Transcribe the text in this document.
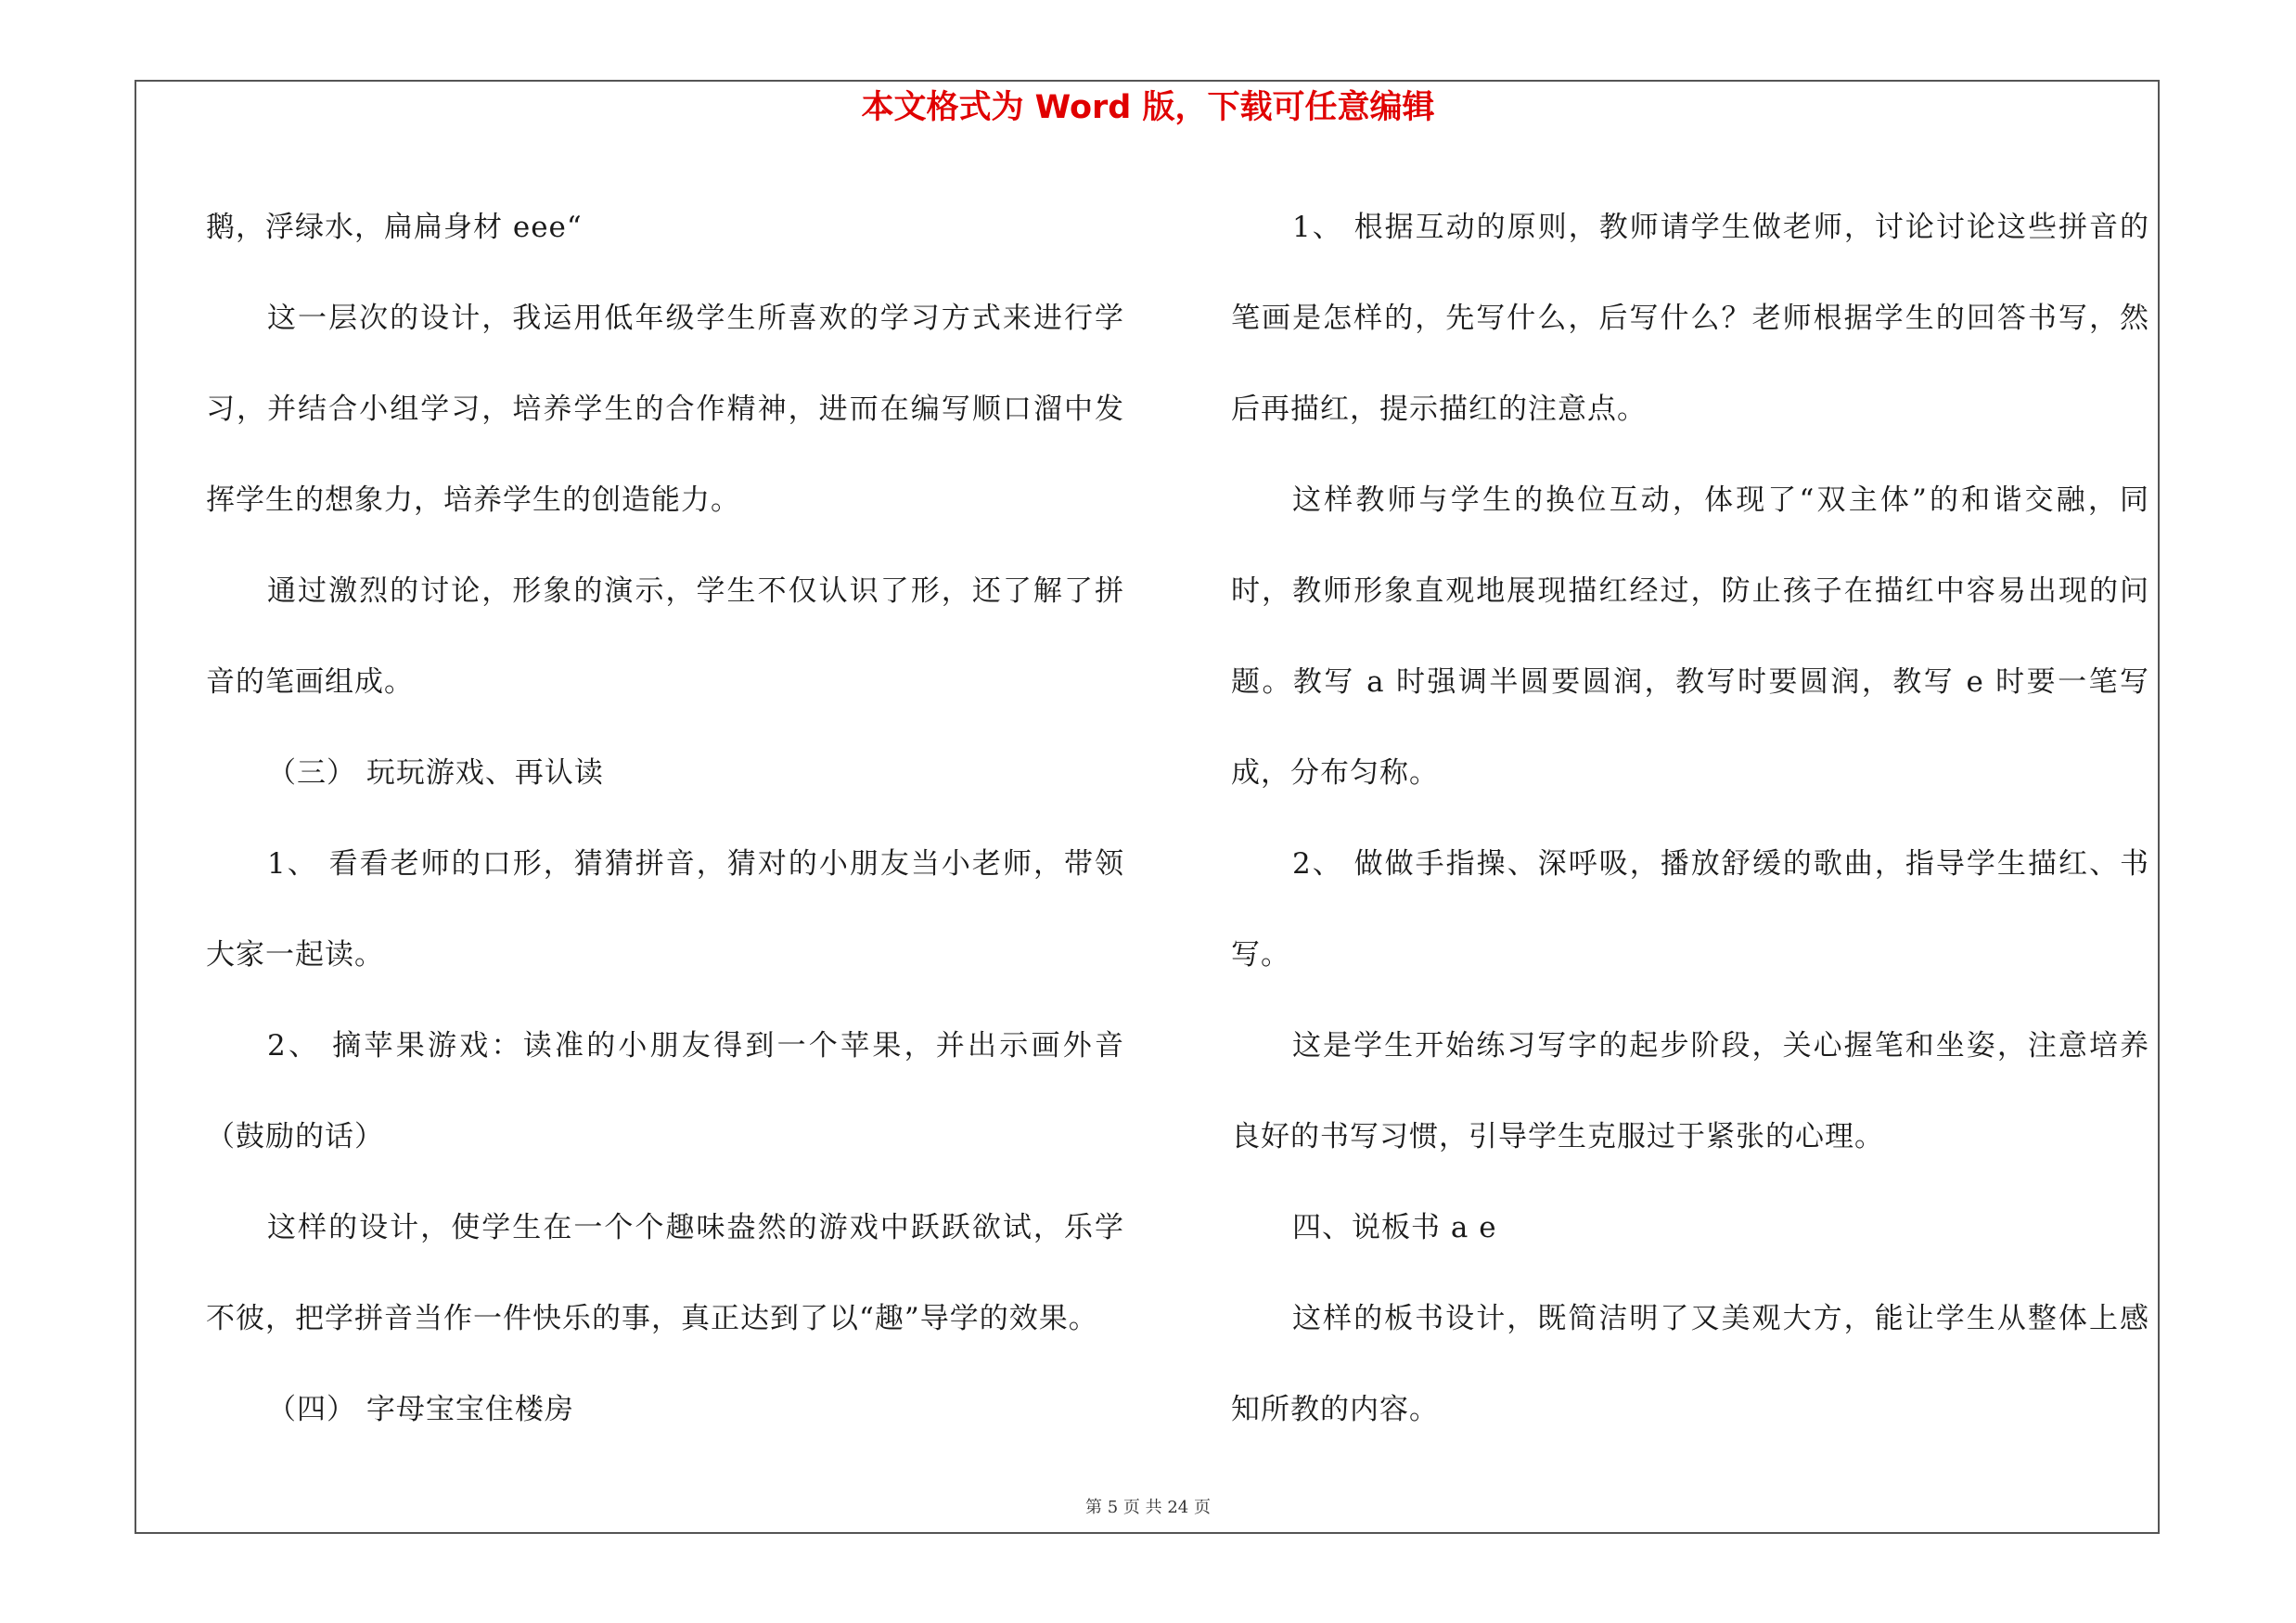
本文格式为 Word 版，下载可任意编辑

鹅，浮绿水，扁扁身材 eee“

这一层次的设计，我运用低年级学生所喜欢的学习方式来进行学习，并结合小组学习，培养学生的合作精神，进而在编写顺口溜中发挥学生的想象力，培养学生的创造能力。

通过激烈的讨论，形象的演示，学生不仅认识了形，还了解了拼音的笔画组成。

（三） 玩玩游戏、再认读

1、 看看老师的口形，猜猜拼音，猜对的小朋友当小老师，带领大家一起读。

2、 摘苹果游戏：读准的小朋友得到一个苹果，并出示画外音（鼓励的话）

这样的设计，使学生在一个个趣味盎然的游戏中跃跃欲试，乐学不彼，把学拼音当作一件快乐的事，真正达到了以“趣”导学的效果。

（四） 字母宝宝住楼房

1、 根据互动的原则，教师请学生做老师，讨论讨论这些拼音的笔画是怎样的，先写什么，后写什么？老师根据学生的回答书写，然后再描红，提示描红的注意点。

这样教师与学生的换位互动，体现了“双主体”的和谐交融，同时，教师形象直观地展现描红经过，防止孩子在描红中容易出现的问题。教写 a 时强调半圆要圆润，教写时要圆润，教写 e 时要一笔写成，分布匀称。

2、 做做手指操、深呼吸，播放舒缓的歌曲，指导学生描红、书写。

这是学生开始练习写字的起步阶段，关心握笔和坐姿，注意培养良好的书写习惯，引导学生克服过于紧张的心理。

四、说板书 a e

这样的板书设计，既简洁明了又美观大方，能让学生从整体上感知所教的内容。

第 5 页 共 24 页
